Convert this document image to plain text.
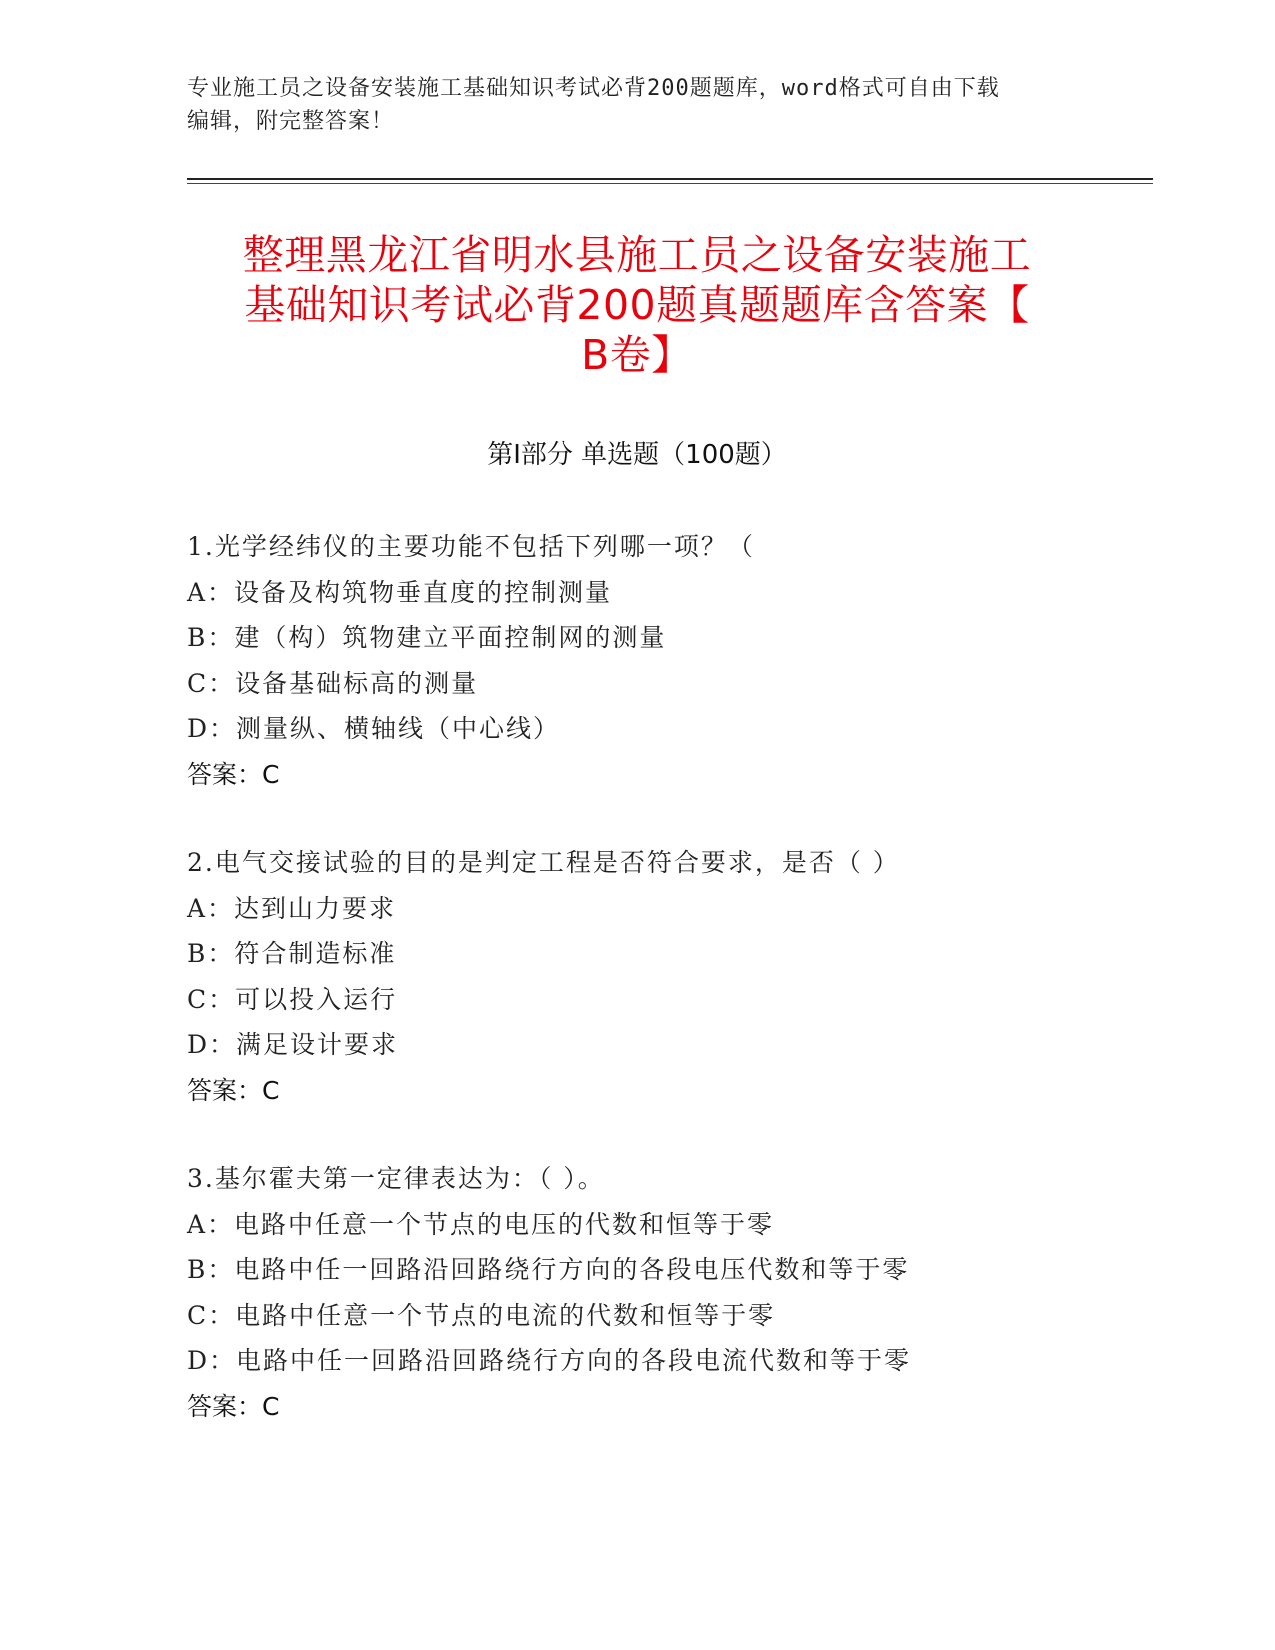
专业施工员之设备安装施工基础知识考试必背200题题库，word格式可自由下载
编辑，附完整答案！
整理黑龙江省明水县施工员之设备安装施工
基础知识考试必背200题真题题库含答案【
B卷】
第I部分 单选题（100题）
1.光学经纬仪的主要功能不包括下列哪一项？（
A：设备及构筑物垂直度的控制测量
B：建（构）筑物建立平面控制网的测量
C：设备基础标高的测量
D：测量纵、横轴线（中心线）
答案：C
2.电气交接试验的目的是判定工程是否符合要求，是否（ ）
A：达到山力要求
B：符合制造标准
C：可以投入运行
D：满足设计要求
答案：C
3.基尔霍夫第一定律表达为：（ ）。
A：电路中任意一个节点的电压的代数和恒等于零
B：电路中任一回路沿回路绕行方向的各段电压代数和等于零
C：电路中任意一个节点的电流的代数和恒等于零
D：电路中任一回路沿回路绕行方向的各段电流代数和等于零
答案：C
